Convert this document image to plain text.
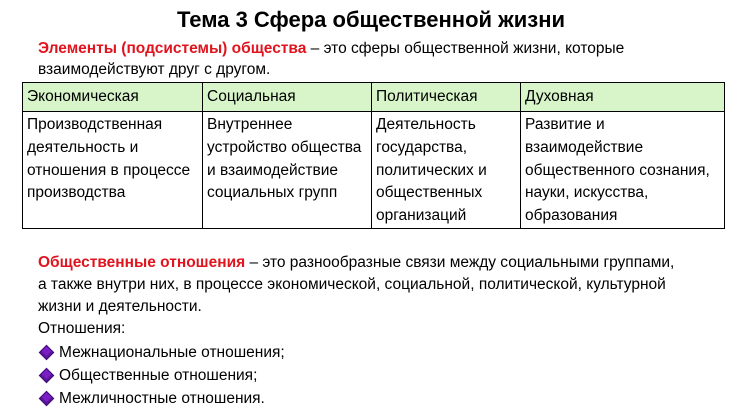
Тема 3 Сфера общественной жизни
Элементы (подсистемы) общества – это сферы общественной жизни, которые взаимодействуют друг с другом.
Экономическая	Социальная	Политическая	Духовная
Производственная деятельность и отношения в процессе производства	Внутреннее устройство общества и взаимодействие социальных групп	Деятельность государства, политических и общественных организаций	Развитие и взаимодействие общественного сознания, науки, искусства, образования
Общественные отношения – это разнообразные связи между социальными группами, а также внутри них, в процессе экономической, социальной, политической, культурной жизни и деятельности.
Отношения:
Межнациональные отношения;
Общественные отношения;
Межличностные отношения.
